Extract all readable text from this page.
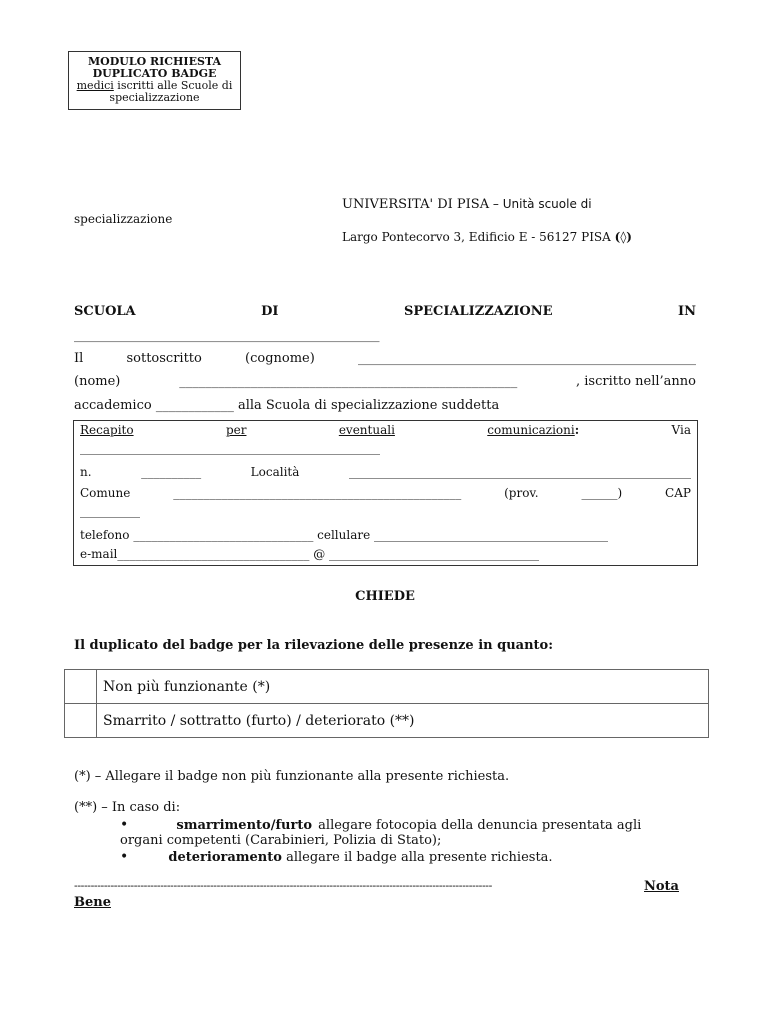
MODULO RICHIESTA
DUPLICATO BADGE
medici iscritti alle Scuole di
specializzazione
UNIVERSITA' DI PISA – Unità scuole di
specializzazione
Largo Pontecorvo 3, Edificio E - 56127 PISA (◊)
SCUOLA	DI	SPECIALIZZAZIONE	IN
_______________________________________________
Il	sottoscritto	(cognome)	____________________________________________________
(nome)	____________________________________________________	, iscritto nell’anno
accademico ____________ alla Scuola di specializzazione suddetta
Recapito	per	eventuali	comunicazioni:	Via
__________________________________________________
n.	__________	Località	_________________________________________________________
Comune	________________________________________________	(prov.	______)	CAP
__________
telefono ______________________________ cellulare _______________________________________
e-mail________________________________ @ ___________________________________
CHIEDE
Il duplicato del badge per la rilevazione delle presenze in quanto:
	Non più funzionante (*)
	Smarrito / sottratto (furto) / deteriorato (**)
(*) – Allegare il badge non più funzionante alla presente richiesta.
(**) – In caso di:
•	smarrimento/furto allegare fotocopia della denuncia presentata agli
organi competenti (Carabinieri, Polizia di Stato);
•	deterioramento allegare il badge alla presente richiesta.
------------------------------------------------------------------------------------------------------------------------------	Nota
Bene
